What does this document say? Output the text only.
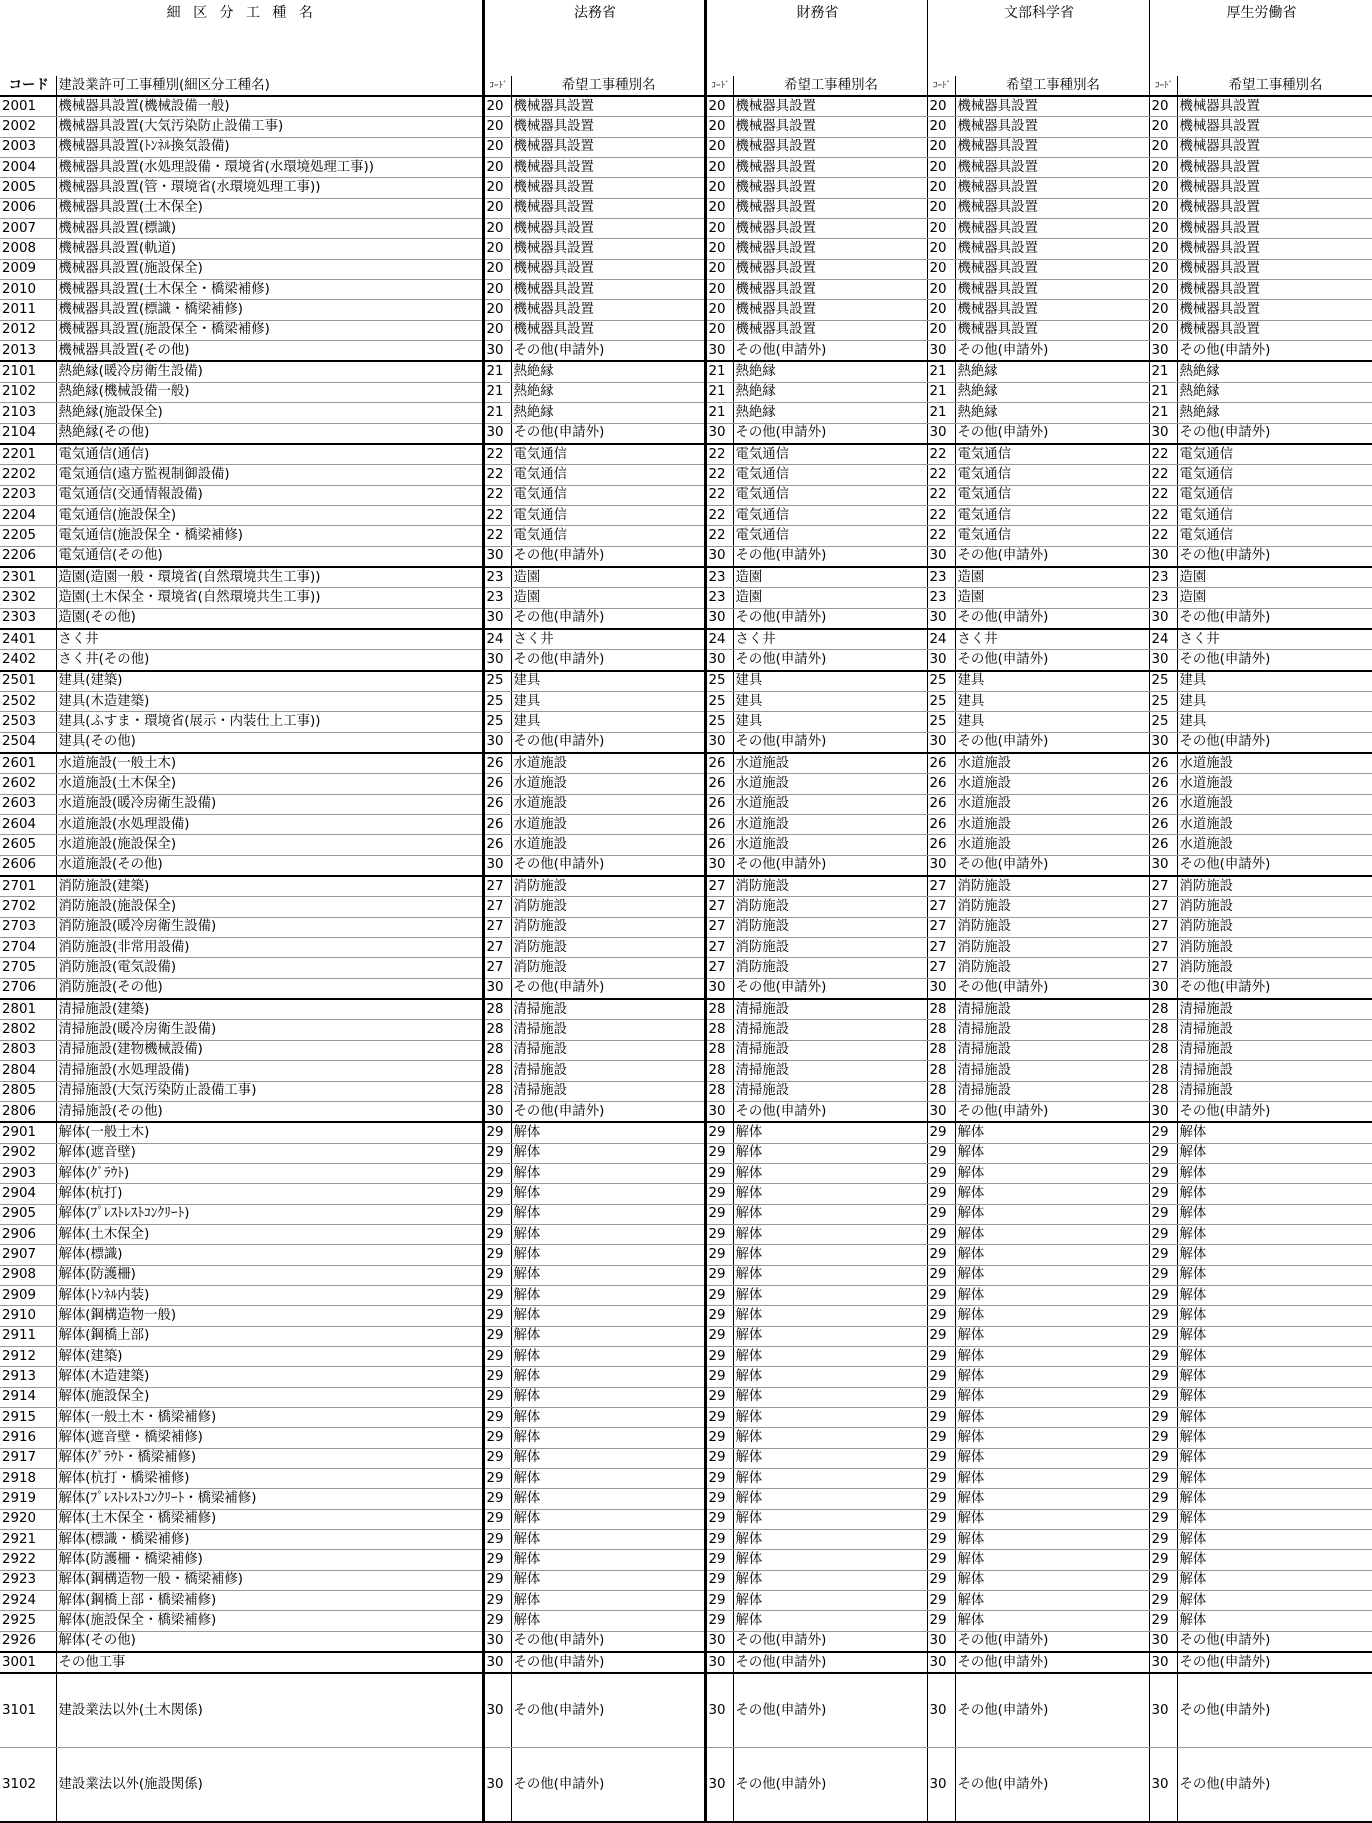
細 区 分 工 種 名		法務省		財務省		文部科学省		厚生労働省	
コード	建設業許可工事種別(細区分工種名)	ｺｰﾄﾞ	希望工事種別名	ｺｰﾄﾞ	希望工事種別名	ｺｰﾄﾞ	希望工事種別名	ｺｰﾄﾞ	希望工事種別名
2001	機械器具設置(機械設備一般)	20	機械器具設置	20	機械器具設置	20	機械器具設置	20	機械器具設置
2002	機械器具設置(大気汚染防止設備工事)	20	機械器具設置	20	機械器具設置	20	機械器具設置	20	機械器具設置
2003	機械器具設置(ﾄﾝﾈﾙ換気設備)	20	機械器具設置	20	機械器具設置	20	機械器具設置	20	機械器具設置
2004	機械器具設置(水処理設備・環境省(水環境処理工事))	20	機械器具設置	20	機械器具設置	20	機械器具設置	20	機械器具設置
2005	機械器具設置(管・環境省(水環境処理工事))	20	機械器具設置	20	機械器具設置	20	機械器具設置	20	機械器具設置
2006	機械器具設置(土木保全)	20	機械器具設置	20	機械器具設置	20	機械器具設置	20	機械器具設置
2007	機械器具設置(標識)	20	機械器具設置	20	機械器具設置	20	機械器具設置	20	機械器具設置
2008	機械器具設置(軌道)	20	機械器具設置	20	機械器具設置	20	機械器具設置	20	機械器具設置
2009	機械器具設置(施設保全)	20	機械器具設置	20	機械器具設置	20	機械器具設置	20	機械器具設置
2010	機械器具設置(土木保全・橋梁補修)	20	機械器具設置	20	機械器具設置	20	機械器具設置	20	機械器具設置
2011	機械器具設置(標識・橋梁補修)	20	機械器具設置	20	機械器具設置	20	機械器具設置	20	機械器具設置
2012	機械器具設置(施設保全・橋梁補修)	20	機械器具設置	20	機械器具設置	20	機械器具設置	20	機械器具設置
2013	機械器具設置(その他)	30	その他(申請外)	30	その他(申請外)	30	その他(申請外)	30	その他(申請外)
2101	熱絶縁(暖冷房衛生設備)	21	熱絶縁	21	熱絶縁	21	熱絶縁	21	熱絶縁
2102	熱絶縁(機械設備一般)	21	熱絶縁	21	熱絶縁	21	熱絶縁	21	熱絶縁
2103	熱絶縁(施設保全)	21	熱絶縁	21	熱絶縁	21	熱絶縁	21	熱絶縁
2104	熱絶縁(その他)	30	その他(申請外)	30	その他(申請外)	30	その他(申請外)	30	その他(申請外)
2201	電気通信(通信)	22	電気通信	22	電気通信	22	電気通信	22	電気通信
2202	電気通信(遠方監視制御設備)	22	電気通信	22	電気通信	22	電気通信	22	電気通信
2203	電気通信(交通情報設備)	22	電気通信	22	電気通信	22	電気通信	22	電気通信
2204	電気通信(施設保全)	22	電気通信	22	電気通信	22	電気通信	22	電気通信
2205	電気通信(施設保全・橋梁補修)	22	電気通信	22	電気通信	22	電気通信	22	電気通信
2206	電気通信(その他)	30	その他(申請外)	30	その他(申請外)	30	その他(申請外)	30	その他(申請外)
2301	造園(造園一般・環境省(自然環境共生工事))	23	造園	23	造園	23	造園	23	造園
2302	造園(土木保全・環境省(自然環境共生工事))	23	造園	23	造園	23	造園	23	造園
2303	造園(その他)	30	その他(申請外)	30	その他(申請外)	30	その他(申請外)	30	その他(申請外)
2401	さく井	24	さく井	24	さく井	24	さく井	24	さく井
2402	さく井(その他)	30	その他(申請外)	30	その他(申請外)	30	その他(申請外)	30	その他(申請外)
2501	建具(建築)	25	建具	25	建具	25	建具	25	建具
2502	建具(木造建築)	25	建具	25	建具	25	建具	25	建具
2503	建具(ふすま・環境省(展示・内装仕上工事))	25	建具	25	建具	25	建具	25	建具
2504	建具(その他)	30	その他(申請外)	30	その他(申請外)	30	その他(申請外)	30	その他(申請外)
2601	水道施設(一般土木)	26	水道施設	26	水道施設	26	水道施設	26	水道施設
2602	水道施設(土木保全)	26	水道施設	26	水道施設	26	水道施設	26	水道施設
2603	水道施設(暖冷房衛生設備)	26	水道施設	26	水道施設	26	水道施設	26	水道施設
2604	水道施設(水処理設備)	26	水道施設	26	水道施設	26	水道施設	26	水道施設
2605	水道施設(施設保全)	26	水道施設	26	水道施設	26	水道施設	26	水道施設
2606	水道施設(その他)	30	その他(申請外)	30	その他(申請外)	30	その他(申請外)	30	その他(申請外)
2701	消防施設(建築)	27	消防施設	27	消防施設	27	消防施設	27	消防施設
2702	消防施設(施設保全)	27	消防施設	27	消防施設	27	消防施設	27	消防施設
2703	消防施設(暖冷房衛生設備)	27	消防施設	27	消防施設	27	消防施設	27	消防施設
2704	消防施設(非常用設備)	27	消防施設	27	消防施設	27	消防施設	27	消防施設
2705	消防施設(電気設備)	27	消防施設	27	消防施設	27	消防施設	27	消防施設
2706	消防施設(その他)	30	その他(申請外)	30	その他(申請外)	30	その他(申請外)	30	その他(申請外)
2801	清掃施設(建築)	28	清掃施設	28	清掃施設	28	清掃施設	28	清掃施設
2802	清掃施設(暖冷房衛生設備)	28	清掃施設	28	清掃施設	28	清掃施設	28	清掃施設
2803	清掃施設(建物機械設備)	28	清掃施設	28	清掃施設	28	清掃施設	28	清掃施設
2804	清掃施設(水処理設備)	28	清掃施設	28	清掃施設	28	清掃施設	28	清掃施設
2805	清掃施設(大気汚染防止設備工事)	28	清掃施設	28	清掃施設	28	清掃施設	28	清掃施設
2806	清掃施設(その他)	30	その他(申請外)	30	その他(申請外)	30	その他(申請外)	30	その他(申請外)
2901	解体(一般土木)	29	解体	29	解体	29	解体	29	解体
2902	解体(遮音壁)	29	解体	29	解体	29	解体	29	解体
2903	解体(ｸﾞﾗｳﾄ)	29	解体	29	解体	29	解体	29	解体
2904	解体(杭打)	29	解体	29	解体	29	解体	29	解体
2905	解体(ﾌﾟﾚｽﾄﾚｽﾄｺﾝｸﾘｰﾄ)	29	解体	29	解体	29	解体	29	解体
2906	解体(土木保全)	29	解体	29	解体	29	解体	29	解体
2907	解体(標識)	29	解体	29	解体	29	解体	29	解体
2908	解体(防護柵)	29	解体	29	解体	29	解体	29	解体
2909	解体(ﾄﾝﾈﾙ内装)	29	解体	29	解体	29	解体	29	解体
2910	解体(鋼構造物一般)	29	解体	29	解体	29	解体	29	解体
2911	解体(鋼橋上部)	29	解体	29	解体	29	解体	29	解体
2912	解体(建築)	29	解体	29	解体	29	解体	29	解体
2913	解体(木造建築)	29	解体	29	解体	29	解体	29	解体
2914	解体(施設保全)	29	解体	29	解体	29	解体	29	解体
2915	解体(一般土木・橋梁補修)	29	解体	29	解体	29	解体	29	解体
2916	解体(遮音壁・橋梁補修)	29	解体	29	解体	29	解体	29	解体
2917	解体(ｸﾞﾗｳﾄ・橋梁補修)	29	解体	29	解体	29	解体	29	解体
2918	解体(杭打・橋梁補修)	29	解体	29	解体	29	解体	29	解体
2919	解体(ﾌﾟﾚｽﾄﾚｽﾄｺﾝｸﾘｰﾄ・橋梁補修)	29	解体	29	解体	29	解体	29	解体
2920	解体(土木保全・橋梁補修)	29	解体	29	解体	29	解体	29	解体
2921	解体(標識・橋梁補修)	29	解体	29	解体	29	解体	29	解体
2922	解体(防護柵・橋梁補修)	29	解体	29	解体	29	解体	29	解体
2923	解体(鋼構造物一般・橋梁補修)	29	解体	29	解体	29	解体	29	解体
2924	解体(鋼橋上部・橋梁補修)	29	解体	29	解体	29	解体	29	解体
2925	解体(施設保全・橋梁補修)	29	解体	29	解体	29	解体	29	解体
2926	解体(その他)	30	その他(申請外)	30	その他(申請外)	30	その他(申請外)	30	その他(申請外)
3001	その他工事	30	その他(申請外)	30	その他(申請外)	30	その他(申請外)	30	その他(申請外)
3101	建設業法以外(土木関係)	30	その他(申請外)	30	その他(申請外)	30	その他(申請外)	30	その他(申請外)
3102	建設業法以外(施設関係)	30	その他(申請外)	30	その他(申請外)	30	その他(申請外)	30	その他(申請外)
